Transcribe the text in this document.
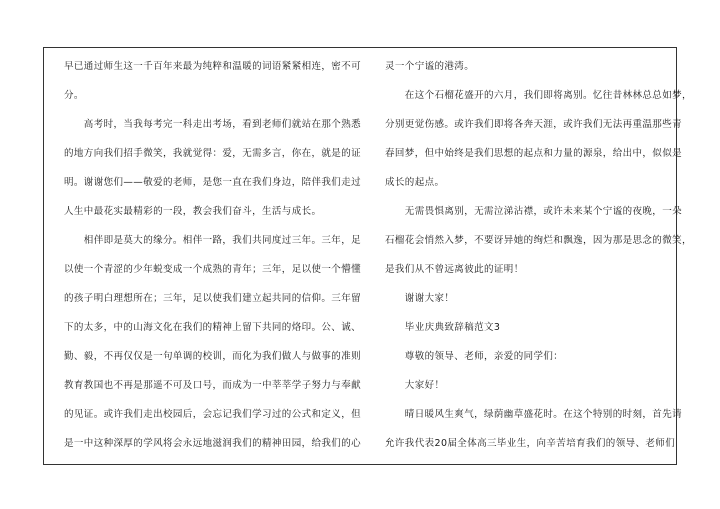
早已通过师生这一千百年来最为纯粹和温暖的词语紧紧相连，密不可

分。

　　高考时，当我每考完一科走出考场，看到老师们就站在那个熟悉

的地方向我们招手微笑，我就觉得：爱，无需多言，你在，就是的证

明。谢谢您们——敬爱的老师，是您一直在我们身边，陪伴我们走过

人生中最花实最精彩的一段，教会我们奋斗，生活与成长。

　　相伴即是莫大的缘分。相伴一路，我们共同度过三年。三年，足

以使一个青涩的少年蜕变成一个成熟的青年；三年，足以使一个懵懂

的孩子明白理想所在；三年，足以使我们建立起共同的信仰。三年留

下的太多，中的山海文化在我们的精神上留下共同的烙印。公、诚、

勤、毅，不再仅仅是一句单调的校训，而化为我们做人与做事的准则

教育教国也不再是那遥不可及口号，而成为一中莘莘学子努力与奉献

的见证。或许我们走出校园后，会忘记我们学习过的公式和定义，但

是一中这种深厚的学风将会永远地滋润我们的精神田园，给我们的心

灵一个宁谧的港湾。

　　在这个石榴花盛开的六月，我们即将离别。忆往昔林林总总如梦，

分别更觉伤感。或许我们即将各奔天涯，或许我们无法再重温那些青

春回梦，但中始终是我们思想的起点和力量的源泉，给出中，似似是

成长的起点。

　　无需畏惧离别，无需泣涕沾襟，或许未来某个宁谧的夜晚，一朵

石榴花会悄然入梦，不要讶异她的绚烂和飘逸，因为那是思念的微笑，

是我们从不曾远离彼此的证明！

　　谢谢大家！

　　毕业庆典致辞稿范文3

　　尊敬的领导、老师，亲爱的同学们：

　　大家好！

　　晴日暖风生爽气，绿荫幽草盛花时。在这个特别的时刻，首先请

允许我代表20届全体高三毕业生，向辛苦培育我们的领导、老师们
